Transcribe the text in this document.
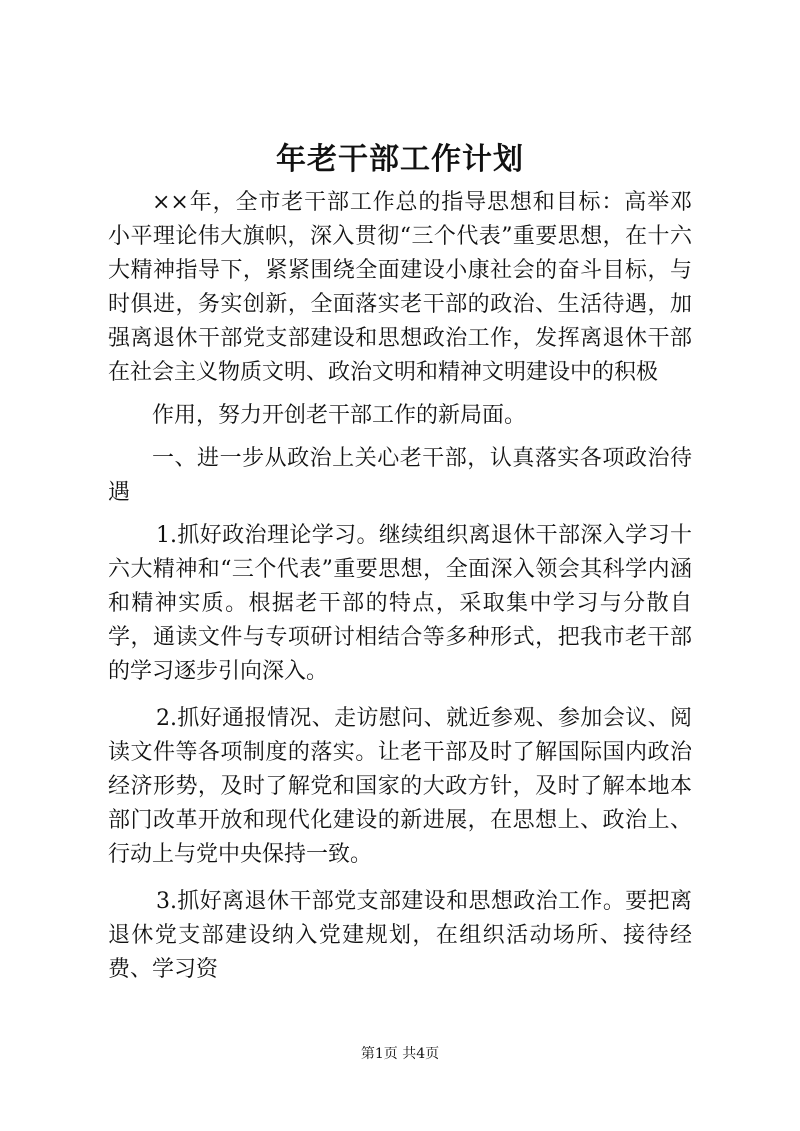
年老干部工作计划

××年，全市老干部工作总的指导思想和目标：高举邓小平理论伟大旗帜，深入贯彻“三个代表”重要思想，在十六大精神指导下，紧紧围绕全面建设小康社会的奋斗目标，与时俱进，务实创新，全面落实老干部的政治、生活待遇，加强离退休干部党支部建设和思想政治工作，发挥离退休干部在社会主义物质文明、政治文明和精神文明建设中的积极

作用，努力开创老干部工作的新局面。

一、进一步从政治上关心老干部，认真落实各项政治待遇

1.抓好政治理论学习。继续组织离退休干部深入学习十六大精神和“三个代表”重要思想，全面深入领会其科学内涵和精神实质。根据老干部的特点，采取集中学习与分散自学，通读文件与专项研讨相结合等多种形式，把我市老干部的学习逐步引向深入。

2.抓好通报情况、走访慰问、就近参观、参加会议、阅读文件等各项制度的落实。让老干部及时了解国际国内政治经济形势，及时了解党和国家的大政方针，及时了解本地本部门改革开放和现代化建设的新进展，在思想上、政治上、行动上与党中央保持一致。

3.抓好离退休干部党支部建设和思想政治工作。要把离退休党支部建设纳入党建规划，在组织活动场所、接待经费、学习资

第1页 共4页
